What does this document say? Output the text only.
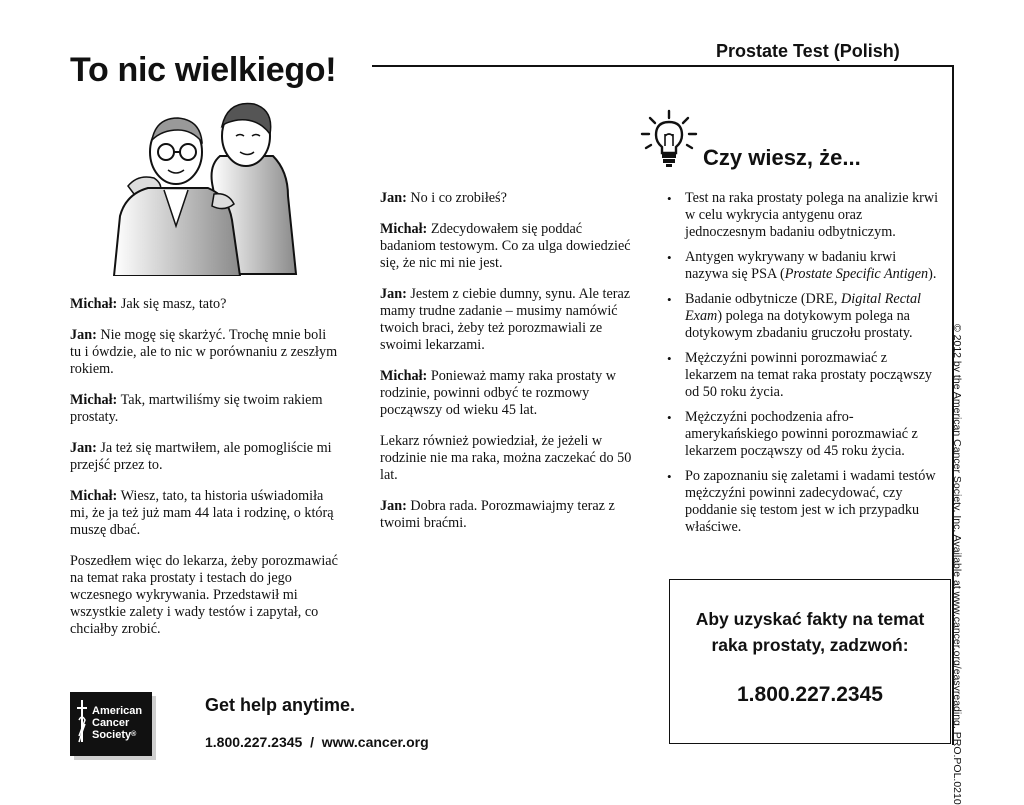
To nic wielkiego!	Prostate Test (Polish)
© 2012 by the American Cancer Society, Inc. Available at www.cancer.org/easyreading. PRO.POL.0210

Michał: Jak się masz, tato?

Jan: Nie mogę się skarżyć. Trochę mnie boli tu i ówdzie, ale to nic w porównaniu z zeszłym rokiem.

Michał: Tak, martwiliśmy się twoim rakiem prostaty.

Jan: Ja też się martwiłem, ale pomogliście mi przejść przez to.

Michał: Wiesz, tato, ta historia uświadomiła mi, że ja też już mam 44 lata i rodzinę, o którą muszę dbać.

Poszedłem więc do lekarza, żeby porozmawiać na temat raka prostaty i testach do jego wczesnego wykrywania. Przedstawił mi wszystkie zalety i wady testów i zapytał, co chciałby zrobić.

Jan: No i co zrobiłeś?

Michał: Zdecydowałem się poddać badaniom testowym. Co za ulga dowiedzieć się, że nic mi nie jest.

Jan: Jestem z ciebie dumny, synu. Ale teraz mamy trudne zadanie – musimy namówić twoich braci, żeby też porozmawiali ze swoimi lekarzami.

Michał: Ponieważ mamy raka prostaty w rodzinie, powinni odbyć te rozmowy począwszy od wieku 45 lat.

Lekarz również powiedział, że jeżeli w rodzinie nie ma raka, można zaczekać do 50 lat.

Jan: Dobra rada. Porozmawiajmy teraz z twoimi braćmi.

Czy wiesz, że...
• Test na raka prostaty polega na analizie krwi w celu wykrycia antygenu oraz jednoczesnym badaniu odbytniczym.
• Antygen wykrywany w badaniu krwi nazywa się PSA (Prostate Specific Antigen).
• Badanie odbytnicze (DRE, Digital Rectal Exam) polega na dotykowym polega na dotykowym zbadaniu gruczołu prostaty.
• Mężczyźni powinni porozmawiać z lekarzem na temat raka prostaty począwszy od 50 roku życia.
• Mężczyźni pochodzenia afro-amerykańskiego powinni porozmawiać z lekarzem począwszy od 45 roku życia.
• Po zapoznaniu się zaletami i wadami testów mężczyźni powinni zadecydować, czy poddanie się testom jest w ich przypadku właściwe.
Aby uzyskać fakty na temat raka prostaty, zadzwoń:
1.800.227.2345
American
Cancer
Society®
Get help anytime.
1.800.227.2345  /  www.cancer.org
